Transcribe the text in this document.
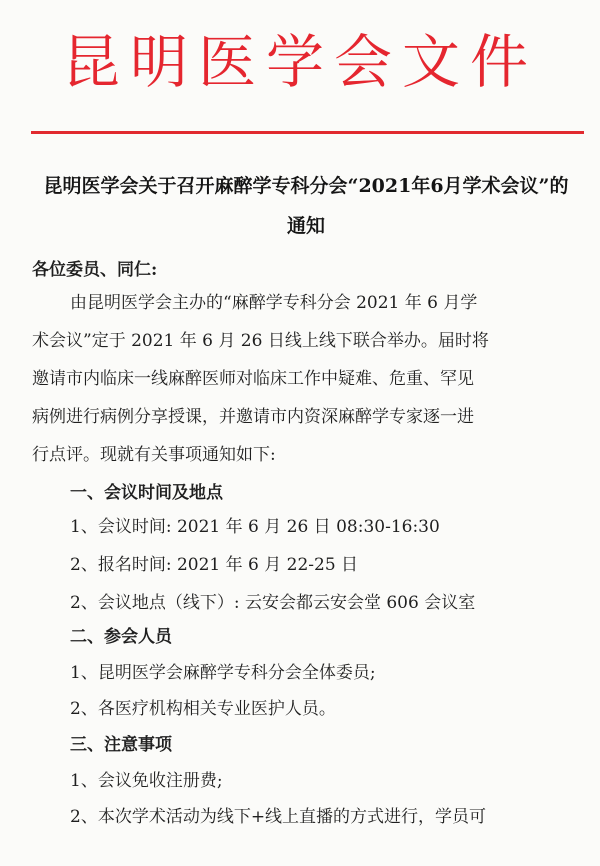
昆明医学会文件
昆明医学会关于召开麻醉学专科分会“2021年6月学术会议”的通知
各位委员、同仁:
由昆明医学会主办的“麻醉学专科分会 2021 年 6 月学
术会议”定于 2021 年 6 月 26 日线上线下联合举办。届时将
邀请市内临床一线麻醉医师对临床工作中疑难、危重、罕见
病例进行病例分享授课，并邀请市内资深麻醉学专家逐一进
行点评。现就有关事项通知如下:
一、会议时间及地点
1、会议时间: 2021 年 6 月 26 日 08:30-16:30
2、报名时间: 2021 年 6 月 22-25 日
2、会议地点（线下）: 云安会都云安会堂 606 会议室
二、参会人员
1、昆明医学会麻醉学专科分会全体委员;
2、各医疗机构相关专业医护人员。
三、注意事项
1、会议免收注册费;
2、本次学术活动为线下+线上直播的方式进行，学员可
